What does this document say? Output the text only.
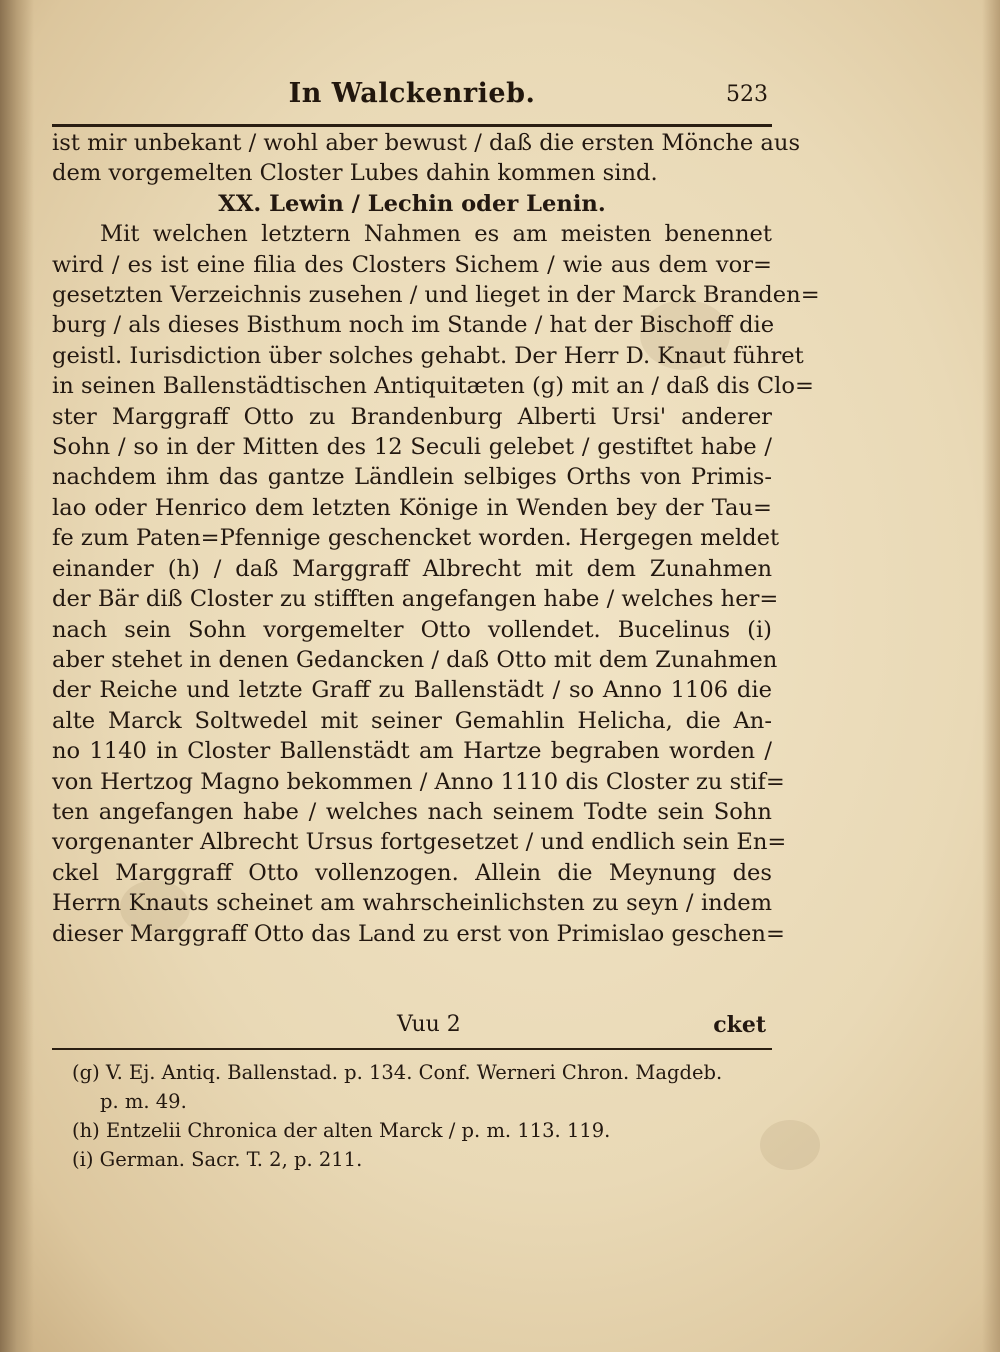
In Walckenrieb.	523
ist mir unbekant / wohl aber bewust / daß die ersten Mönche aus
dem vorgemelten Closter Lubes dahin kommen sind.
XX. Lewin / Lechin oder Lenin.
Mit welchen letztern Nahmen es am meisten benennet
wird / es ist eine filia des Closters Sichem / wie aus dem vor=
gesetzten Verzeichnis zusehen / und lieget in der Marck Branden=
burg / als dieses Bisthum noch im Stande / hat der Bischoff die
geistl. Iurisdiction über solches gehabt. Der Herr D. Knaut führet
in seinen Ballenstädtischen Antiquitæten (g) mit an / daß dis Clo=
ster Marggraff Otto zu Brandenburg Alberti Ursi' anderer
Sohn / so in der Mitten des 12 Seculi gelebet / gestiftet habe /
nachdem ihm das gantze Ländlein selbiges Orths von Primis-
lao oder Henrico dem letzten Könige in Wenden bey der Tau=
fe zum Paten=Pfennige geschencket worden. Hergegen meldet
einander (h) / daß Marggraff Albrecht mit dem Zunahmen
der Bär diß Closter zu stifften angefangen habe / welches her=
nach sein Sohn vorgemelter Otto vollendet. Bucelinus (i)
aber stehet in denen Gedancken / daß Otto mit dem Zunahmen
der Reiche und letzte Graff zu Ballenstädt / so Anno 1106 die
alte Marck Soltwedel mit seiner Gemahlin Helicha, die An-
no 1140 in Closter Ballenstädt am Hartze begraben worden /
von Hertzog Magno bekommen / Anno 1110 dis Closter zu stif=
ten angefangen habe / welches nach seinem Todte sein Sohn
vorgenanter Albrecht Ursus fortgesetzet / und endlich sein En=
ckel Marggraff Otto vollenzogen. Allein die Meynung des
Herrn Knauts scheinet am wahrscheinlichsten zu seyn / indem
dieser Marggraff Otto das Land zu erst von Primislao geschen=
Vuu 2	cket
(g) V. Ej. Antiq. Ballenstad. p. 134. Conf. Werneri Chron. Magdeb.
p. m. 49.
(h) Entzelii Chronica der alten Marck / p. m. 113. 119.
(i) German. Sacr. T. 2, p. 211.
